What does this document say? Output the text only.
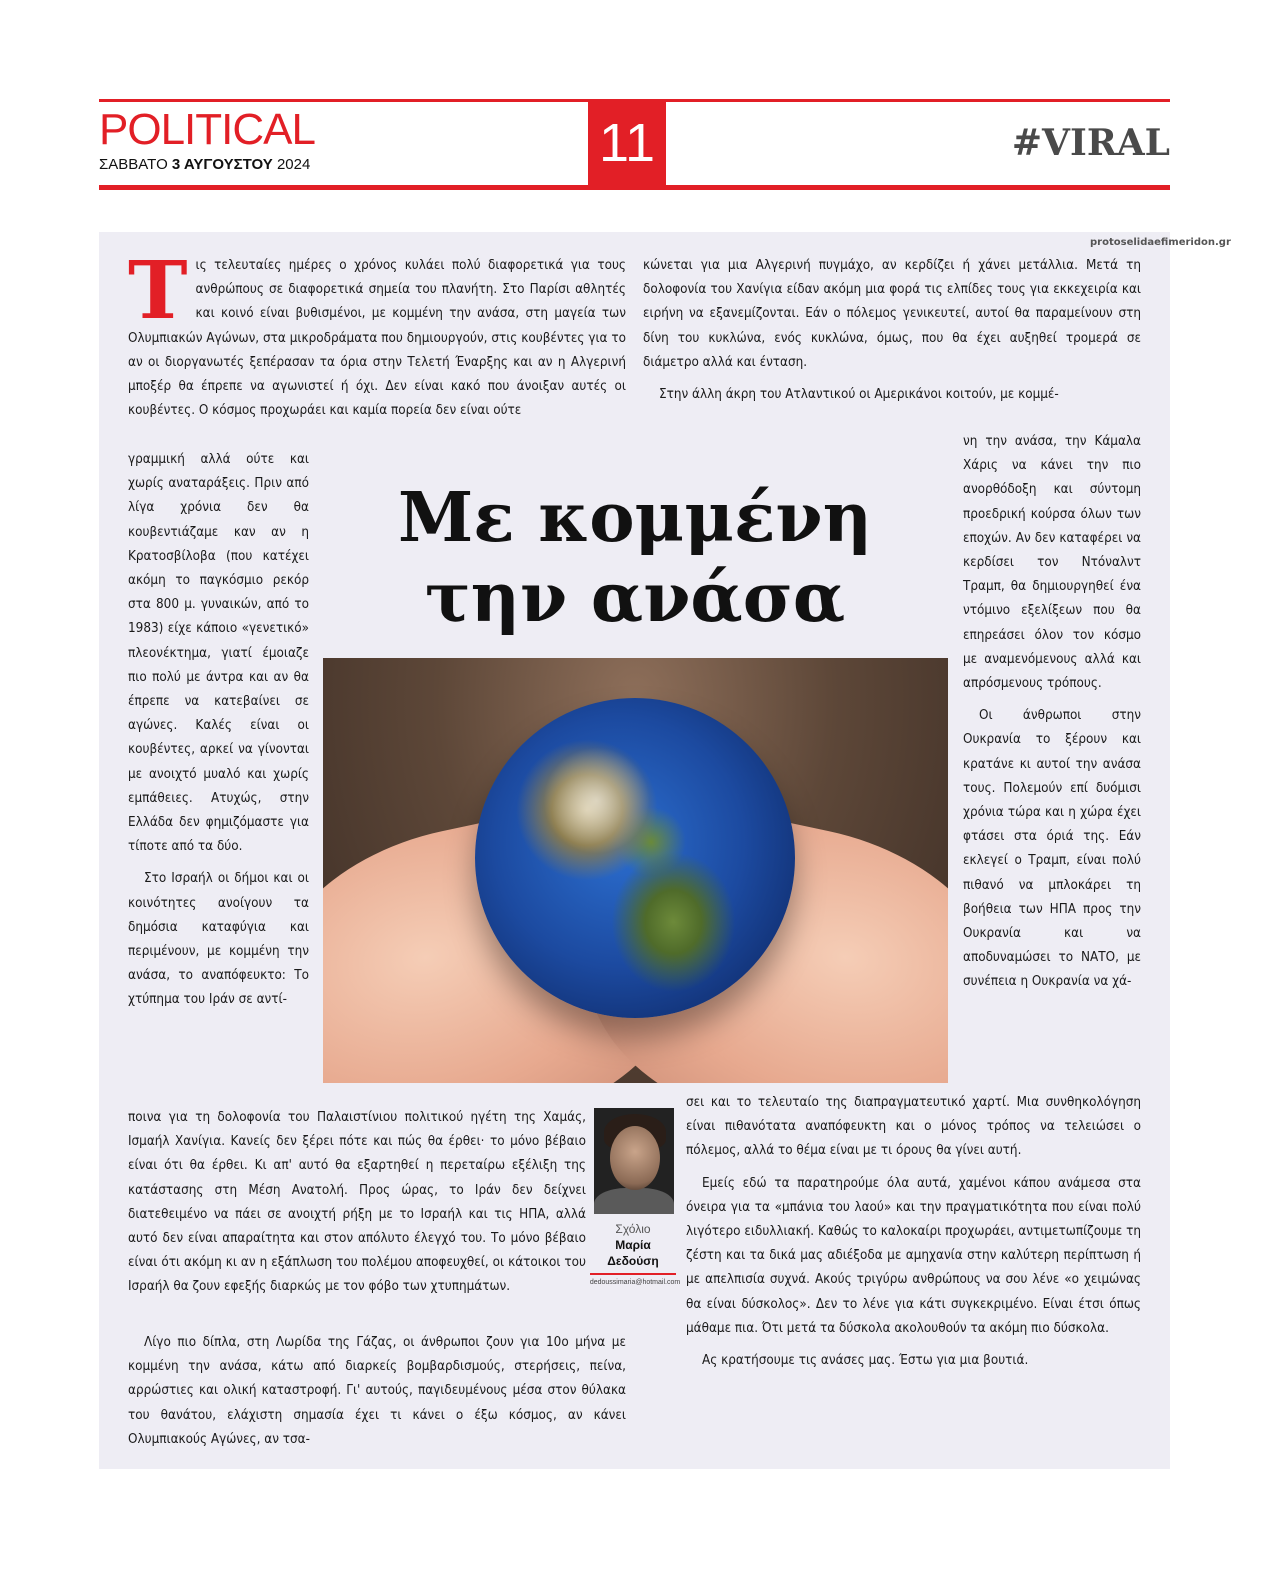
POLITICAL
ΣΑΒΒΑΤΟ 3 ΑΥΓΟΥΣΤΟΥ 2024	11	#VIRAL
protoselidaefimeridon.gr
Τ ις τελευταίες ημέρες ο χρόνος κυλάει πολύ διαφορετικά για τους ανθρώπους σε διαφορετικά σημεία του πλανήτη. Στο Παρίσι αθλητές και κοινό είναι βυθισμένοι, με κομμένη την ανάσα, στη μαγεία των Ολυμπιακών Αγώνων, στα μικροδράματα που δημιουργούν, στις κουβέντες για το αν οι διοργανωτές ξεπέρασαν τα όρια στην Τελετή Έναρξης και αν η Αλγερινή μποξέρ θα έπρεπε να αγωνιστεί ή όχι. Δεν είναι κακό που άνοιξαν αυτές οι κουβέντες. Ο κόσμος προχωράει και καμία πορεία δεν είναι ούτε

γραμμική αλλά ούτε και χωρίς αναταράξεις. Πριν από λίγα χρόνια δεν θα κουβεντιάζαμε καν αν η Κρατοσβίλοβα (που κατέχει ακόμη το παγκόσμιο ρεκόρ στα 800 μ. γυναικών, από το 1983) είχε κάποιο «γενετικό» πλεονέκτημα, γιατί έμοιαζε πιο πολύ με άντρα και αν θα έπρεπε να κατεβαίνει σε αγώνες. Καλές είναι οι κουβέντες, αρκεί να γίνονται με ανοιχτό μυαλό και χωρίς εμπάθειες. Ατυχώς, στην Ελλάδα δεν φημιζόμαστε για τίποτε από τα δύο.

Στο Ισραήλ οι δήμοι και οι κοινότητες ανοίγουν τα δημόσια καταφύγια και περιμένουν, με κομμένη την ανάσα, το αναπόφευκτο: Το χτύπημα του Ιράν σε αντί-

ποινα για τη δολοφονία του Παλαιστίνιου πολιτικού ηγέτη της Χαμάς, Ισμαήλ Χανίγια. Κανείς δεν ξέρει πότε και πώς θα έρθει· το μόνο βέβαιο είναι ότι θα έρθει. Κι απ' αυτό θα εξαρτηθεί η περεταίρω εξέλιξη της κατάστασης στη Μέση Ανατολή. Προς ώρας, το Ιράν δεν δείχνει διατεθειμένο να πάει σε ανοιχτή ρήξη με το Ισραήλ και τις ΗΠΑ, αλλά αυτό δεν είναι απαραίτητα και στον απόλυτο έλεγχό του. Το μόνο βέβαιο είναι ότι ακόμη κι αν η εξάπλωση του πολέμου αποφευχθεί, οι κάτοικοι του Ισραήλ θα ζουν εφεξής διαρκώς με τον φόβο των χτυπημάτων.

Λίγο πιο δίπλα, στη Λωρίδα της Γάζας, οι άνθρωποι ζουν για 10ο μήνα με κομμένη την ανάσα, κάτω από διαρκείς βομβαρδισμούς, στερήσεις, πείνα, αρρώστιες και ολική καταστροφή. Γι' αυτούς, παγιδευμένους μέσα στον θύλακα του θανάτου, ελάχιστη σημασία έχει τι κάνει ο έξω κόσμος, αν κάνει Ολυμπιακούς Αγώνες, αν τσα-

κώνεται για μια Αλγερινή πυγμάχο, αν κερδίζει ή χάνει μετάλλια. Μετά τη δολοφονία του Χανίγια είδαν ακόμη μια φορά τις ελπίδες τους για εκκεχειρία και ειρήνη να εξανεμίζονται. Εάν ο πόλεμος γενικευτεί, αυτοί θα παραμείνουν στη δίνη του κυκλώνα, ενός κυκλώνα, όμως, που θα έχει αυξηθεί τρομερά σε διάμετρο αλλά και ένταση.

Στην άλλη άκρη του Ατλαντικού οι Αμερικάνοι κοιτούν, με κομμέ-

νη την ανάσα, την Κάμαλα Χάρις να κάνει την πιο ανορθόδοξη και σύντομη προεδρική κούρσα όλων των εποχών. Αν δεν καταφέρει να κερδίσει τον Ντόναλντ Τραμπ, θα δημιουργηθεί ένα ντόμινο εξελίξεων που θα επηρεάσει όλον τον κόσμο με αναμενόμενους αλλά και απρόσμενους τρόπους.

Οι άνθρωποι στην Ουκρανία το ξέρουν και κρατάνε κι αυτοί την ανάσα τους. Πολεμούν επί δυόμισι χρόνια τώρα και η χώρα έχει φτάσει στα όριά της. Εάν εκλεγεί ο Τραμπ, είναι πολύ πιθανό να μπλοκάρει τη βοήθεια των ΗΠΑ προς την Ουκρανία και να αποδυναμώσει το ΝΑΤΟ, με συνέπεια η Ουκρανία να χά-

σει και το τελευταίο της διαπραγματευτικό χαρτί. Μια συνθηκολόγηση είναι πιθανότατα αναπόφευκτη και ο μόνος τρόπος να τελειώσει ο πόλεμος, αλλά το θέμα είναι με τι όρους θα γίνει αυτή.

Εμείς εδώ τα παρατηρούμε όλα αυτά, χαμένοι κάπου ανάμεσα στα όνειρα για τα «μπάνια του λαού» και την πραγματικότητα που είναι πολύ λιγότερο ειδυλλιακή. Καθώς το καλοκαίρι προχωράει, αντιμετωπίζουμε τη ζέστη και τα δικά μας αδιέξοδα με αμηχανία στην καλύτερη περίπτωση ή με απελπισία συχνά. Ακούς τριγύρω ανθρώπους να σου λένε «ο χειμώνας θα είναι δύσκολος». Δεν το λένε για κάτι συγκεκριμένο. Είναι έτσι όπως μάθαμε πια. Ότι μετά τα δύσκολα ακολουθούν τα ακόμη πιο δύσκολα.

Ας κρατήσουμε τις ανάσες μας. Έστω για μια βουτιά.

Με κομμένη
την ανάσα
Σχόλιο
Μαρία
Δεδούση
dedoussimaria@hotmail.com
